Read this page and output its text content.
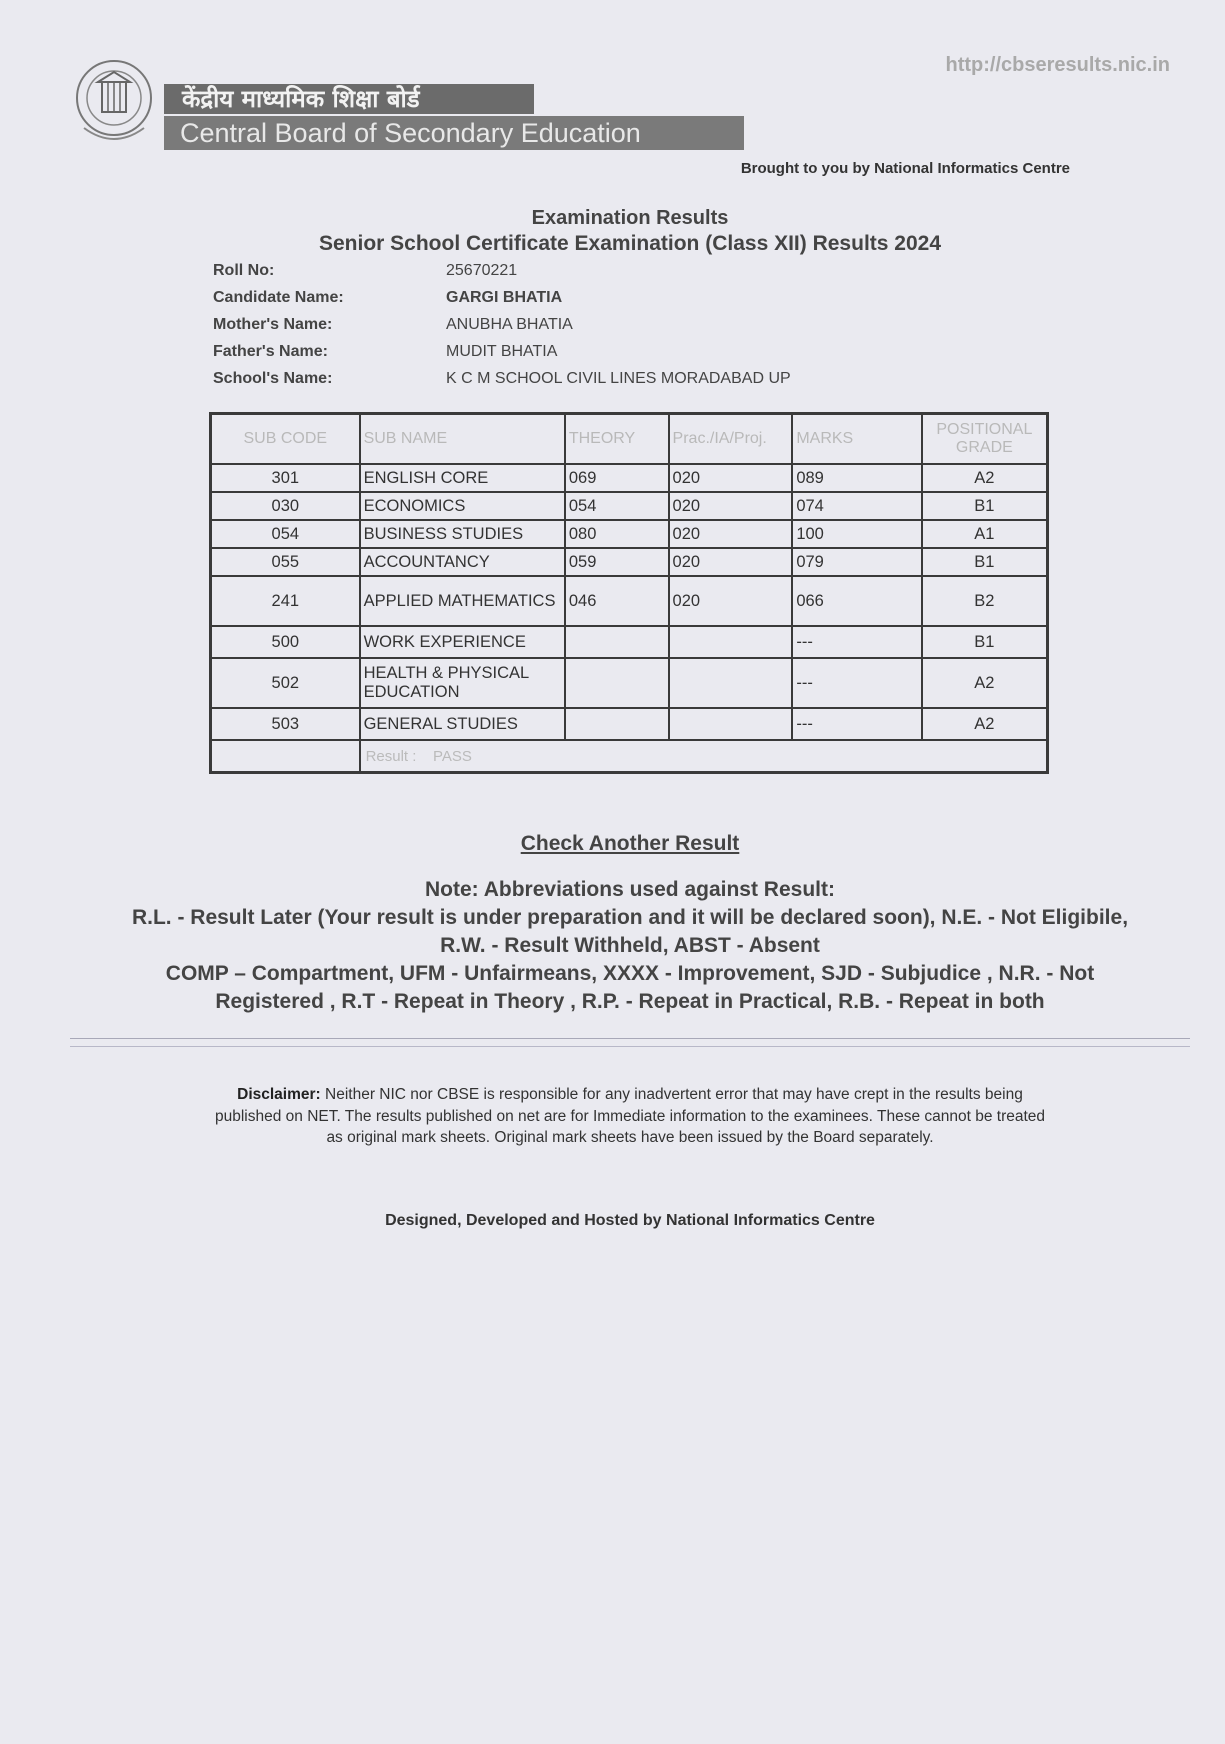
केंद्रीय माध्यमिक शिक्षा बोर्ड
Central Board of Secondary Education
http://cbseresults.nic.in
Brought to you by National Informatics Centre
Examination Results
Senior School Certificate Examination (Class XII) Results 2024
Roll No:	25670221
Candidate Name:	GARGI BHATIA
Mother's Name:	ANUBHA BHATIA
Father's Name:	MUDIT BHATIA
School's Name:	K C M SCHOOL CIVIL LINES MORADABAD UP
SUB CODE	SUB NAME	THEORY	Prac./IA/Proj.	MARKS	POSITIONAL GRADE
301	ENGLISH CORE	069	020	089	A2
030	ECONOMICS	054	020	074	B1
054	BUSINESS STUDIES	080	020	100	A1
055	ACCOUNTANCY	059	020	079	B1
241	APPLIED MATHEMATICS	046	020	066	B2
500	WORK EXPERIENCE			---	B1
502	HEALTH & PHYSICAL EDUCATION			---	A2
503	GENERAL STUDIES			---	A2
	Result : PASS				
Check Another Result
Note: Abbreviations used against Result:
R.L. - Result Later (Your result is under preparation and it will be declared soon), N.E. - Not Eligibile,
R.W. - Result Withheld, ABST - Absent
COMP – Compartment, UFM - Unfairmeans, XXXX - Improvement, SJD - Subjudice , N.R. - Not
Registered , R.T - Repeat in Theory , R.P. - Repeat in Practical, R.B. - Repeat in both
Disclaimer: Neither NIC nor CBSE is responsible for any inadvertent error that may have crept in the results being published on NET. The results published on net are for Immediate information to the examinees. These cannot be treated as original mark sheets. Original mark sheets have been issued by the Board separately.
Designed, Developed and Hosted by National Informatics Centre
